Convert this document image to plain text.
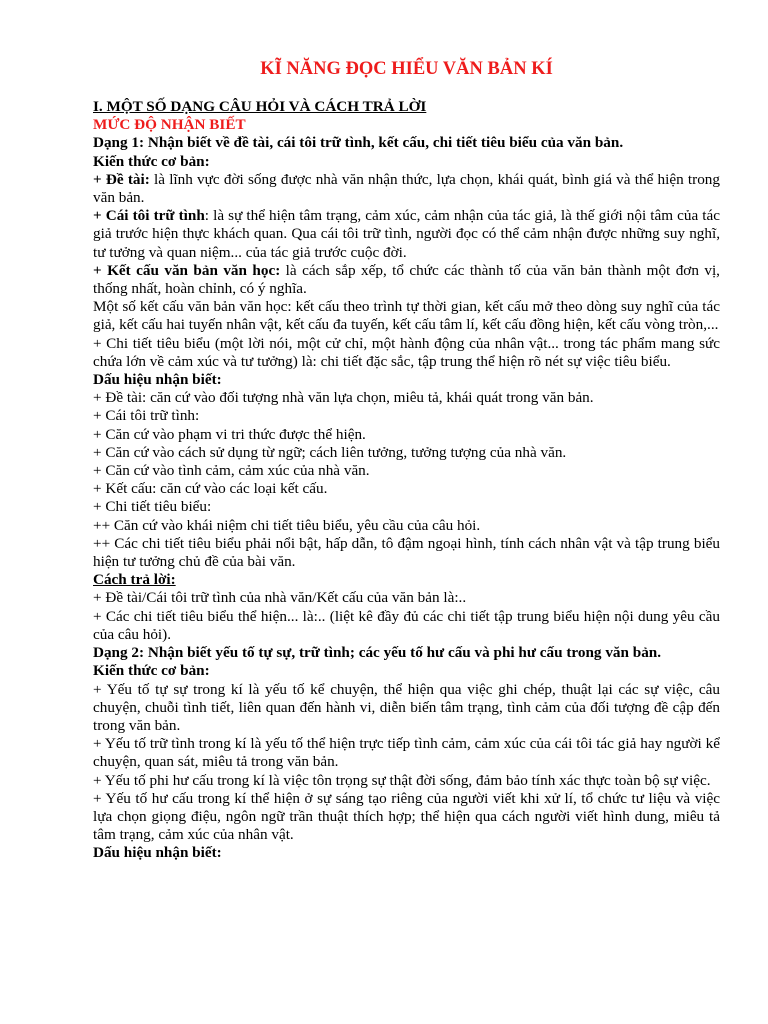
KĨ NĂNG ĐỌC HIỂU VĂN BẢN KÍ

I. MỘT SỐ DẠNG CÂU HỎI VÀ CÁCH TRẢ LỜI

MỨC ĐỘ NHẬN BIẾT

Dạng 1: Nhận biết về đề tài, cái tôi trữ tình, kết cấu, chi tiết tiêu biểu của văn bản.

Kiến thức cơ bản:

+ Đề tài: là lĩnh vực đời sống được nhà văn nhận thức, lựa chọn, khái quát, bình giá và thể hiện trong văn bản.

+ Cái tôi trữ tình: là sự thể hiện tâm trạng, cảm xúc, cảm nhận của tác giả, là thế giới nội tâm của tác giả trước hiện thực khách quan. Qua cái tôi trữ tình, người đọc có thể cảm nhận được những suy nghĩ, tư tưởng và quan niệm... của tác giả trước cuộc đời.

+ Kết cấu văn bản văn học: là cách sắp xếp, tổ chức các thành tố của văn bản thành một đơn vị, thống nhất, hoàn chỉnh, có ý nghĩa.

Một số kết cấu văn bản văn học: kết cấu theo trình tự thời gian, kết cấu mở theo dòng suy nghĩ của tác giả, kết cấu hai tuyến nhân vật, kết cấu đa tuyến, kết cấu tâm lí, kết cấu đồng hiện, kết cấu vòng tròn,...

+ Chi tiết tiêu biểu (một lời nói, một cử chỉ, một hành động của nhân vật... trong tác phẩm mang sức chứa lớn về cảm xúc và tư tưởng) là: chi tiết đặc sắc, tập trung thể hiện rõ nét sự việc tiêu biểu.

Dấu hiệu nhận biết:

+ Đề tài: căn cứ vào đối tượng nhà văn lựa chọn, miêu tả, khái quát trong văn bản.

+ Cái tôi trữ tình:

+ Căn cứ vào phạm vi tri thức được thể hiện.

+ Căn cứ vào cách sử dụng từ ngữ; cách liên tưởng, tưởng tượng của nhà văn.

+ Căn cứ vào tình cảm, cảm xúc của nhà văn.

+ Kết cấu: căn cứ vào các loại kết cấu.

+ Chi tiết tiêu biểu:

++ Căn cứ vào khái niệm chi tiết tiêu biểu, yêu cầu của câu hỏi.

++ Các chi tiết tiêu biểu phải nổi bật, hấp dẫn, tô đậm ngoại hình, tính cách nhân vật và tập trung biểu hiện tư tưởng chủ đề của bài văn.

Cách trả lời:

+ Đề tài/Cái tôi trữ tình của nhà văn/Kết cấu của văn bản là:..

+ Các chi tiết tiêu biểu thể hiện... là:.. (liệt kê đầy đủ các chi tiết tập trung biểu hiện nội dung yêu cầu của câu hỏi).

Dạng 2: Nhận biết yếu tố tự sự, trữ tình; các yếu tố hư cấu và phi hư cấu trong văn bản.

Kiến thức cơ bản:

+ Yếu tố tự sự trong kí là yếu tố kể chuyện, thể hiện qua việc ghi chép, thuật lại các sự việc, câu chuyện, chuỗi tình tiết, liên quan đến hành vi, diễn biến tâm trạng, tình cảm của đối tượng đề cập đến trong văn bản.

+ Yếu tố trữ tình trong kí là yếu tố thể hiện trực tiếp tình cảm, cảm xúc của cái tôi tác giả hay người kể chuyện, quan sát, miêu tả trong văn bản.

+ Yếu tố phi hư cấu trong kí là việc tôn trọng sự thật đời sống, đảm bảo tính xác thực toàn bộ sự việc.

+ Yếu tố hư cấu trong kí thể hiện ở sự sáng tạo riêng của người viết khi xử lí, tổ chức tư liệu và việc lựa chọn giọng điệu, ngôn ngữ trần thuật thích hợp; thể hiện qua cách người viết hình dung, miêu tả tâm trạng, cảm xúc của nhân vật.

Dấu hiệu nhận biết:
